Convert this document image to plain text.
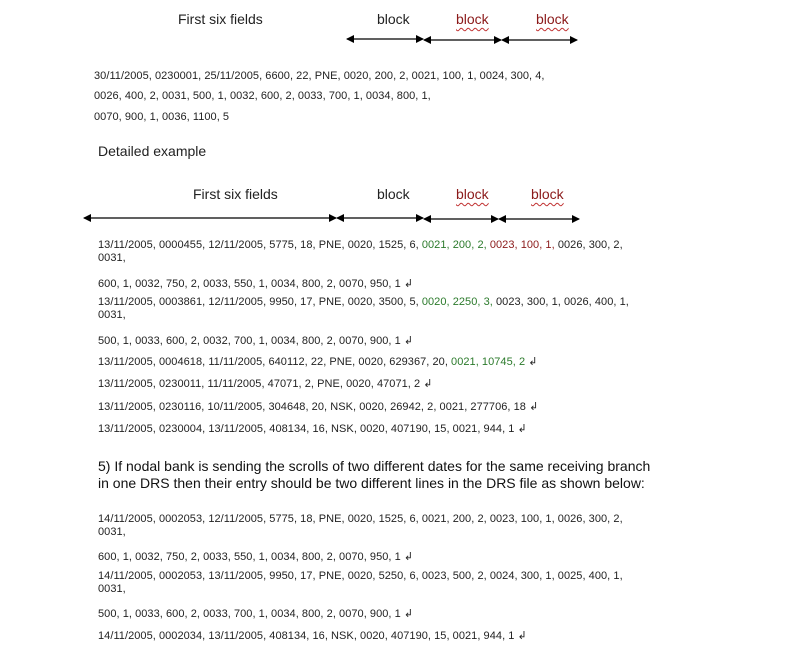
First six fields	block	block	block
30/11/2005, 0230001, 25/11/2005, 6600, 22, PNE, 0020, 200, 2, 0021, 100, 1, 0024, 300, 4,
0026, 400, 2, 0031, 500, 1, 0032, 600, 2, 0033, 700, 1, 0034, 800, 1,
0070, 900, 1, 0036, 1100, 5
Detailed example
First six fields	block	block	block
13/11/2005, 0000455, 12/11/2005, 5775, 18, PNE, 0020, 1525, 6, 0021, 200, 2, 0023, 100, 1, 0026, 300, 2,
0031,
600, 1, 0032, 750, 2, 0033, 550, 1, 0034, 800, 2, 0070, 950, 1 ↲
13/11/2005, 0003861, 12/11/2005, 9950, 17, PNE, 0020, 3500, 5, 0020, 2250, 3, 0023, 300, 1, 0026, 400, 1,
0031,
500, 1, 0033, 600, 2, 0032, 700, 1, 0034, 800, 2, 0070, 900, 1 ↲
13/11/2005, 0004618, 11/11/2005, 640112, 22, PNE, 0020, 629367, 20, 0021, 10745, 2 ↲
13/11/2005, 0230011, 11/11/2005, 47071, 2, PNE, 0020, 47071, 2 ↲
13/11/2005, 0230116, 10/11/2005, 304648, 20, NSK, 0020, 26942, 2, 0021, 277706, 18 ↲
13/11/2005, 0230004, 13/11/2005, 408134, 16, NSK, 0020, 407190, 15, 0021, 944, 1 ↲
5) If nodal bank is sending the scrolls of two different dates for the same receiving branch
in one DRS then their entry should be two different lines in the DRS file as shown below:
14/11/2005, 0002053, 12/11/2005, 5775, 18, PNE, 0020, 1525, 6, 0021, 200, 2, 0023, 100, 1, 0026, 300, 2,
0031,
600, 1, 0032, 750, 2, 0033, 550, 1, 0034, 800, 2, 0070, 950, 1 ↲
14/11/2005, 0002053, 13/11/2005, 9950, 17, PNE, 0020, 5250, 6, 0023, 500, 2, 0024, 300, 1, 0025, 400, 1,
0031,
500, 1, 0033, 600, 2, 0033, 700, 1, 0034, 800, 2, 0070, 900, 1 ↲
14/11/2005, 0002034, 13/11/2005, 408134, 16, NSK, 0020, 407190, 15, 0021, 944, 1 ↲
